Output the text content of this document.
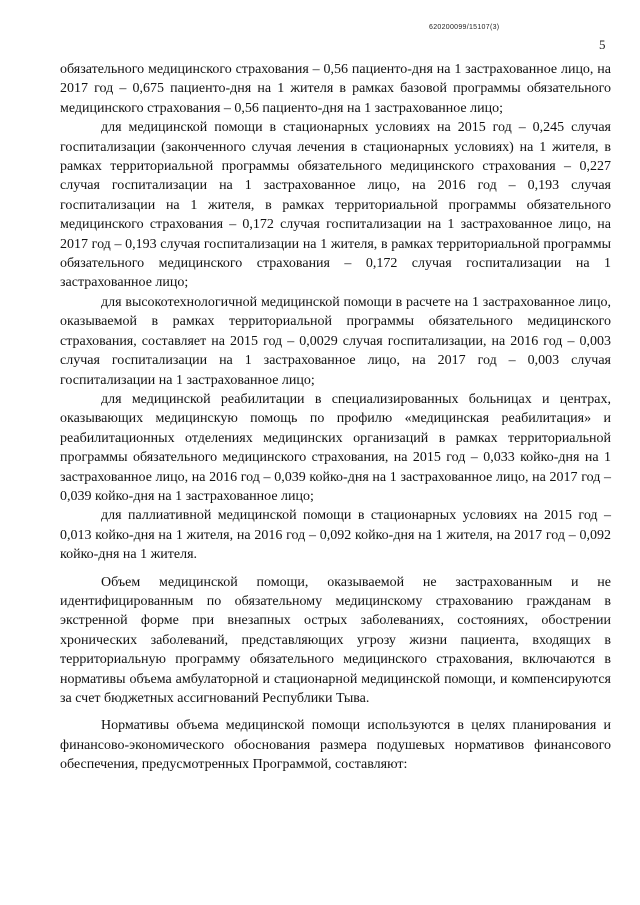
620200099/15107(3)
5

обязательного медицинского страхования – 0,56 пациенто-дня на 1 застрахованное лицо, на 2017 год – 0,675 пациенто-дня на 1 жителя в рамках базовой программы обязательного медицинского страхования – 0,56 пациенто-дня на 1 застрахованное лицо;

для медицинской помощи в стационарных условиях на 2015 год – 0,245 случая госпитализации (законченного случая лечения в стационарных условиях) на 1 жителя, в рамках территориальной программы обязательного медицинского страхования – 0,227 случая госпитализации на 1 застрахованное лицо, на 2016 год – 0,193 случая госпитализации на 1 жителя, в рамках территориальной программы обязательного медицинского страхования – 0,172 случая госпитализации на 1 застрахованное лицо, на 2017 год – 0,193 случая госпитализации на 1 жителя, в рамках территориальной программы обязательного медицинского страхования – 0,172 случая госпитализации на 1 застрахованное лицо;

для высокотехнологичной медицинской помощи в расчете на 1 застрахованное лицо, оказываемой в рамках территориальной программы обязательного медицинского страхования, составляет на 2015 год – 0,0029 случая госпитализации, на 2016 год – 0,003 случая госпитализации на 1 застрахованное лицо, на 2017 год – 0,003 случая госпитализации на 1 застрахованное лицо;

для медицинской реабилитации в специализированных больницах и центрах, оказывающих медицинскую помощь по профилю «медицинская реабилитация» и реабилитационных отделениях медицинских организаций в рамках территориальной программы обязательного медицинского страхования, на 2015 год – 0,033 койко-дня на 1 застрахованное лицо, на 2016 год – 0,039 койко-дня на 1 застрахованное лицо, на 2017 год – 0,039 койко-дня на 1 застрахованное лицо;

для паллиативной медицинской помощи в стационарных условиях на 2015 год – 0,013 койко-дня на 1 жителя, на 2016 год – 0,092 койко-дня на 1 жителя, на 2017 год – 0,092 койко-дня на 1 жителя.

Объем медицинской помощи, оказываемой не застрахованным и не идентифицированным по обязательному медицинскому страхованию гражданам в экстренной форме при внезапных острых заболеваниях, состояниях, обострении хронических заболеваний, представляющих угрозу жизни пациента, входящих в территориальную программу обязательного медицинского страхования, включаются в нормативы объема амбулаторной и стационарной медицинской помощи, и компенсируются за счет бюджетных ассигнований Республики Тыва.

Нормативы объема медицинской помощи используются в целях планирования и финансово-экономического обоснования размера подушевых нормативов финансового обеспечения, предусмотренных Программой, составляют:
